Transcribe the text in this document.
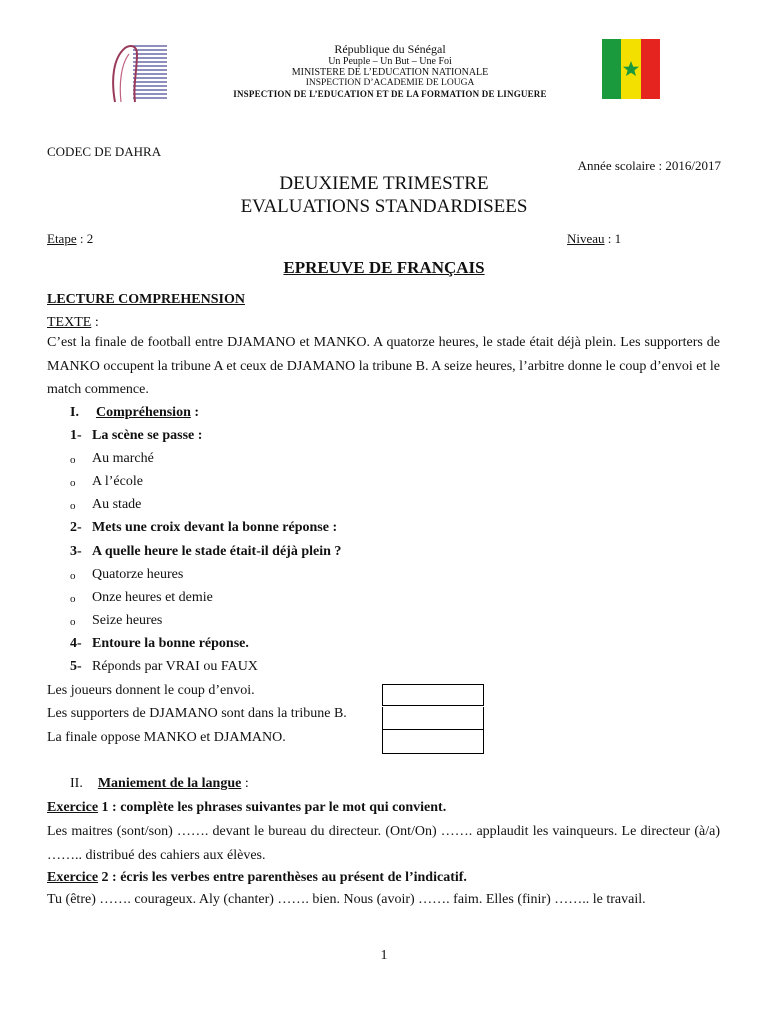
République du Sénégal
Un Peuple – Un But – Une Foi
MINISTERE DE L’EDUCATION NATIONALE
INSPECTION D’ACADEMIE DE LOUGA
INSPECTION DE L’EDUCATION ET DE LA FORMATION DE LINGUERE
CODEC DE DAHRA
Année scolaire : 2016/2017
DEUXIEME TRIMESTRE
EVALUATIONS STANDARDISEES
Etape : 2	Niveau : 1
EPREUVE DE FRANÇAIS
LECTURE COMPREHENSION
TEXTE :
C’est la finale de football entre DJAMANO et MANKO. A quatorze heures, le stade était déjà plein. Les supporters de MANKO occupent la tribune A et ceux de DJAMANO la tribune B. A seize heures, l’arbitre donne le coup d’envoi et le match commence.
I. Compréhension :
1- La scène se passe :
o Au marché
o A l’école
o Au stade
2- Mets une croix devant la bonne réponse :
3- A quelle heure le stade était-il déjà plein ?
o Quatorze heures
o Onze heures et demie
o Seize heures
4- Entoure la bonne réponse.
5- Réponds par VRAI ou FAUX
Les joueurs donnent le coup d’envoi.
Les supporters de DJAMANO sont dans la tribune B.
La finale oppose MANKO et DJAMANO.
II. Maniement de la langue :
Exercice 1 : complète les phrases suivantes par le mot qui convient.
Les maitres (sont/son) ……. devant le bureau du directeur. (Ont/On) ……. applaudit les vainqueurs. Le directeur (à/a) …….. distribué des cahiers aux élèves.
Exercice 2 : écris les verbes entre parenthèses au présent de l’indicatif.
Tu (être) ……. courageux. Aly (chanter) ……. bien. Nous (avoir) ……. faim. Elles (finir) …….. le travail.
1
